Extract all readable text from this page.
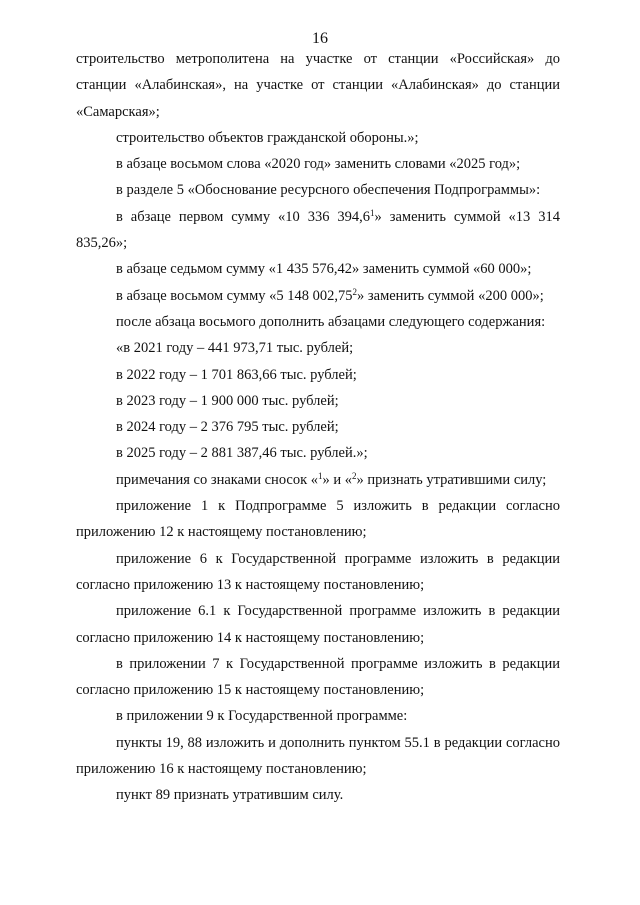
16

строительство метрополитена на участке от станции «Российская» до станции «Алабинская», на участке от станции «Алабинская» до станции «Самарская»;

строительство объектов гражданской обороны.»;

в абзаце восьмом слова «2020 год» заменить словами «2025 год»;

в разделе 5 «Обоснование ресурсного обеспечения Подпрограммы»:

в абзаце первом сумму «10 336 394,6$^1$» заменить суммой «13 314 835,26»;

в абзаце седьмом сумму «1 435 576,42» заменить суммой «60 000»;

в абзаце восьмом сумму «5 148 002,75$^2$» заменить суммой «200 000»;

после абзаца восьмого дополнить абзацами следующего содержания:

«в 2021 году – 441 973,71 тыс. рублей;

в 2022 году – 1 701 863,66 тыс. рублей;

в 2023 году – 1 900 000 тыс. рублей;

в 2024 году – 2 376 795 тыс. рублей;

в 2025 году – 2 881 387,46 тыс. рублей.»;

примечания со знаками сносок «$^1$» и «$^2$» признать утратившими силу;

приложение 1 к Подпрограмме 5 изложить в редакции согласно приложению 12 к настоящему постановлению;

приложение 6 к Государственной программе изложить в редакции согласно приложению 13 к настоящему постановлению;

приложение 6.1 к Государственной программе изложить в редакции согласно приложению 14 к настоящему постановлению;

в приложении 7 к Государственной программе изложить в редакции согласно приложению 15 к настоящему постановлению;

в приложении 9 к Государственной программе:

пункты 19, 88 изложить и дополнить пунктом 55.1 в редакции согласно приложению 16 к настоящему постановлению;

пункт 89 признать утратившим силу.
